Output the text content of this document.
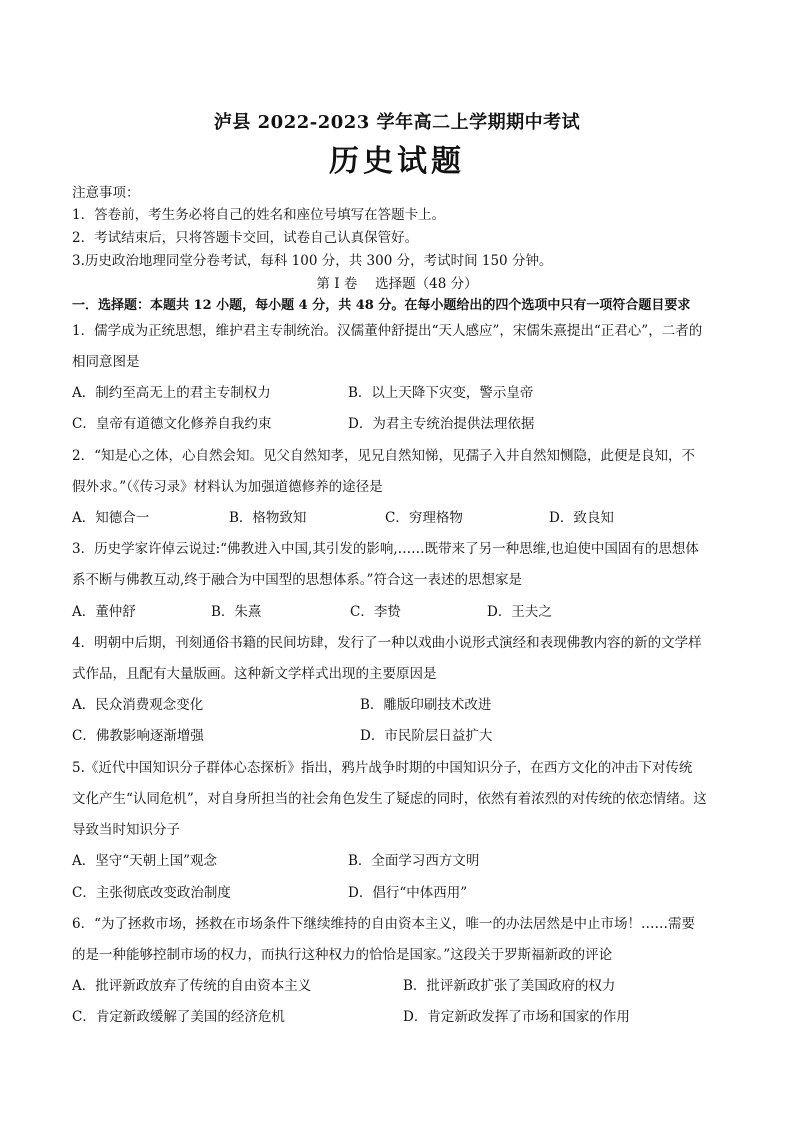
泸县 2022-2023 学年高二上学期期中考试
历史试题
注意事项：
1．答卷前，考生务必将自己的姓名和座位号填写在答题卡上。
2．考试结束后，只将答题卡交回，试卷自己认真保管好。
3.历史政治地理同堂分卷考试，每科 100 分，共 300 分，考试时间 150 分钟。
第 I 卷　 选择题（48 分）
一．选择题：本题共 12 小题，每小题 4 分，共 48 分。在每小题给出的四个选项中只有一项符合题目要求
1．儒学成为正统思想，维护君主专制统治。汉儒董仲舒提出“天人感应”，宋儒朱熹提出“正君心”，二者的
相同意图是
A．制约至高无上的君主专制权力	B．以上天降下灾变，警示皇帝
C．皇帝有道德文化修养自我约束	D．为君主专统治提供法理依据
2．“知是心之体，心自然会知。见父自然知孝，见兄自然知悌，见孺子入井自然知恻隐，此便是良知，不
假外求。”（《传习录》材料认为加强道德修养的途径是
A．知德合一	B．格物致知	C．穷理格物	D．致良知
3．历史学家许倬云说过:“佛教进入中国,其引发的影响,……既带来了另一种思维,也迫使中国固有的思想体
系不断与佛教互动,终于融合为中国型的思想体系。”符合这一表述的思想家是
A．董仲舒	B．朱熹	C．李贽	D．王夫之
4．明朝中后期，刊刻通俗书籍的民间坊肆，发行了一种以戏曲小说形式演经和表现佛教内容的新的文学样
式作品，且配有大量版画。这种新文学样式出现的主要原因是
A．民众消费观念变化	B．雕版印刷技术改进
C．佛教影响逐渐增强	D．市民阶层日益扩大
5.《近代中国知识分子群体心态探析》指出，鸦片战争时期的中国知识分子，在西方文化的冲击下对传统
文化产生“认同危机”，对自身所担当的社会角色发生了疑虑的同时，依然有着浓烈的对传统的依恋情绪。这
导致当时知识分子
A．坚守“天朝上国”观念	B．全面学习西方文明
C．主张彻底改变政治制度	D．倡行“中体西用”
6．“为了拯救市场，拯救在市场条件下继续维持的自由资本主义，唯一的办法居然是中止市场！……需要
的是一种能够控制市场的权力，而执行这种权力的恰恰是国家。”这段关于罗斯福新政的评论
A．批评新政放弃了传统的自由资本主义	B．批评新政扩张了美国政府的权力
C．肯定新政缓解了美国的经济危机	D．肯定新政发挥了市场和国家的作用
